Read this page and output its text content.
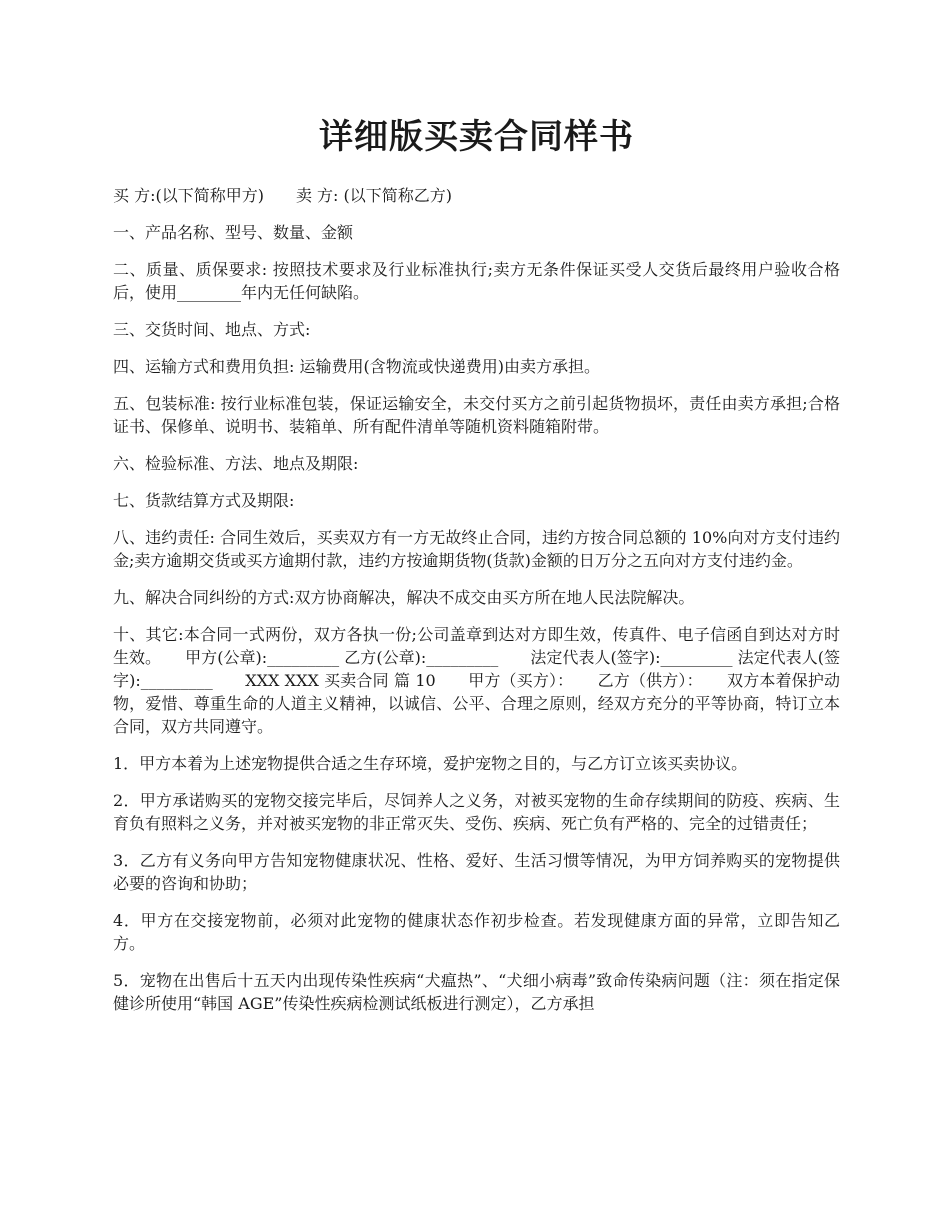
详细版买卖合同样书

买 方:(以下简称甲方)　　卖 方: (以下简称乙方)

一、产品名称、型号、数量、金额

二、质量、质保要求: 按照技术要求及行业标准执行;卖方无条件保证买受人交货后最终用户验收合格后，使用________年内无任何缺陷。

三、交货时间、地点、方式:

四、运输方式和费用负担: 运输费用(含物流或快递费用)由卖方承担。

五、包装标准: 按行业标准包装，保证运输安全，未交付买方之前引起货物损坏，责任由卖方承担;合格证书、保修单、说明书、装箱单、所有配件清单等随机资料随箱附带。

六、检验标准、方法、地点及期限:

七、货款结算方式及期限:

八、违约责任: 合同生效后，买卖双方有一方无故终止合同，违约方按合同总额的 10%向对方支付违约金;卖方逾期交货或买方逾期付款，违约方按逾期货物(货款)金额的日万分之五向对方支付违约金。

九、解决合同纠纷的方式:双方协商解决，解决不成交由买方所在地人民法院解决。

十、其它:本合同一式两份，双方各执一份;公司盖章到达对方即生效，传真件、电子信函自到达对方时生效。　　甲方(公章):_________ 乙方(公章):_________　　法定代表人(签字):_________ 法定代表人(签字):_________　　XXX XXX 买卖合同 篇 10　　甲方（买方）：　　乙方（供方）：　　双方本着保护动物，爱惜、尊重生命的人道主义精神，以诚信、公平、合理之原则，经双方充分的平等协商，特订立本合同，双方共同遵守。

1．甲方本着为上述宠物提供合适之生存环境，爱护宠物之目的，与乙方订立该买卖协议。

2．甲方承诺购买的宠物交接完毕后，尽饲养人之义务，对被买宠物的生命存续期间的防疫、疾病、生育负有照料之义务，并对被买宠物的非正常灭失、受伤、疾病、死亡负有严格的、完全的过错责任；

3．乙方有义务向甲方告知宠物健康状况、性格、爱好、生活习惯等情况，为甲方饲养购买的宠物提供必要的咨询和协助；

4．甲方在交接宠物前，必须对此宠物的健康状态作初步检查。若发现健康方面的异常，立即告知乙方。

5．宠物在出售后十五天内出现传染性疾病“犬瘟热”、“犬细小病毒”致命传染病问题（注：须在指定保健诊所使用“韩国 AGE”传染性疾病检测试纸板进行测定），乙方承担
